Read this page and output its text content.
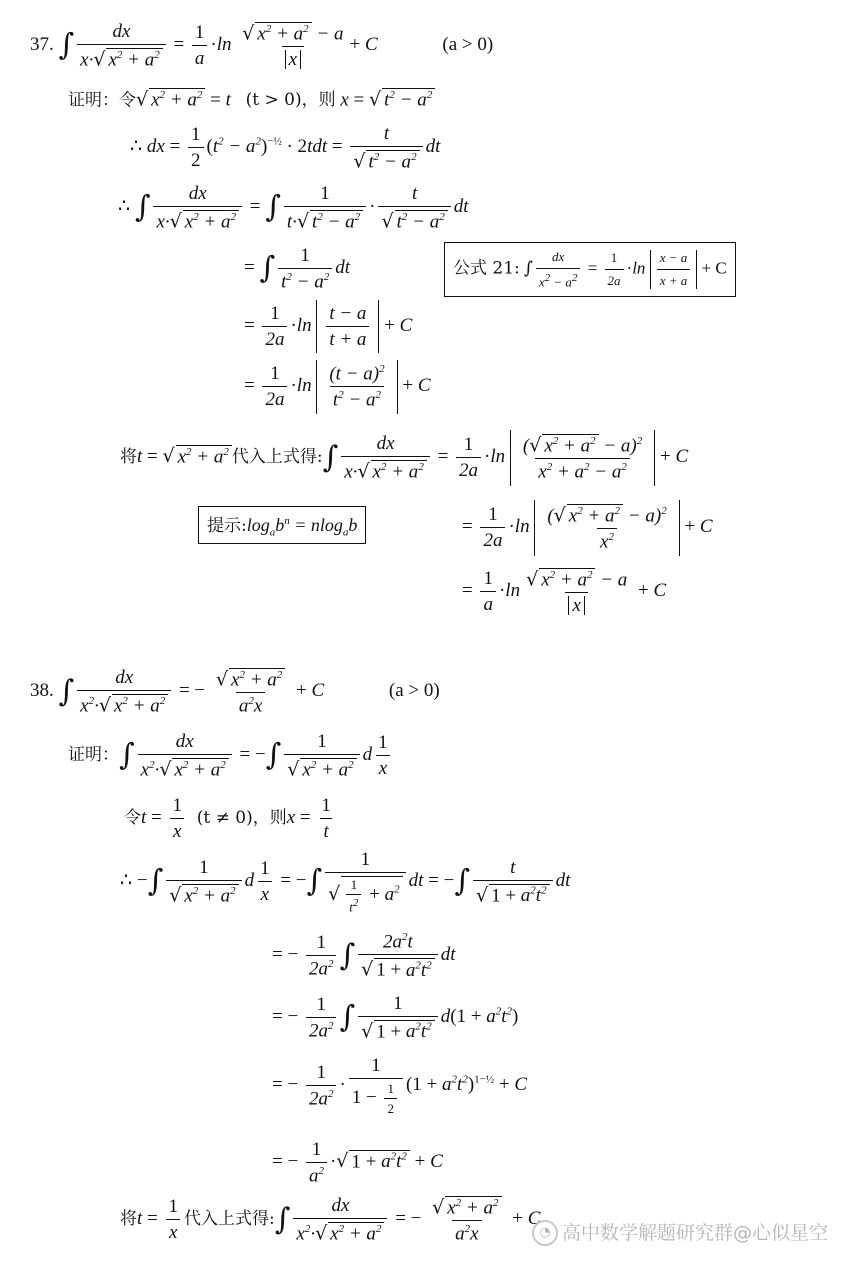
37. ∫ $\frac{dx}{x\cdot√ x^2 + a^2} = \frac{1}{a} \cdot\ln \frac{√ x^2 + a^2 - a}{x} + C$	(a > 0)
证明：令√ $x^2 + a^2 = t$ (t > 0)，则 x = √ $t^2 - a^2$
∴ dx = $\frac{1}{2} (t^2 - a^2)^{-\frac{1}{2}} \cdot 2tdt = \frac{t}{√ t^2 - a^2}$ dt
∴ ∫ $\frac{dx}{x\cdot√ x^2 + a^2}$ = ∫ $\frac{1}{t\cdot√ t^2 - a^2} \cdot \frac{t}{√ t^2 - a^2}$ dt
= ∫ $\frac{1}{t^2 - a^2}$ dt	公式 21: ∫ $\frac{dx}{x^2 - a^2} = \frac{1}{2a} \cdot\ln \frac{x - a}{x + a} + C$
= $\frac{1}{2a} \cdot\ln \frac{t - a}{t + a} + C$
= $\frac{1}{2a} \cdot\ln \frac{(t - a)^2}{t^2 - a^2} + C$
将t = √ $x^2 + a^2$ 代入上式得:∫ $\frac{dx}{x\cdot√ x^2 + a^2} = \frac{1}{2a} \cdot\ln \frac{(√ x^2 + a^2 - a)^2}{x^2 + a^2 - a^2} + C$
提示$:\log_ab^n = nlog_ab$	= $\frac{1}{2a} \cdot\ln \frac{(√ x^2 + a^2 - a)^2}{x^2} + C$
= $\frac{1}{a} \cdot\ln \frac{√ x^2 + a^2 - a}{x} + C$
38. ∫ $\frac{dx}{x^2\cdot√ x^2 + a^2}$ = − $\frac{√ x^2 + a^2}{a^2x} + C$	(a > 0)
证明：∫ $\frac{dx}{x^2\cdot√ x^2 + a^2}$ = −∫ $\frac{1}{√ x^2 + a^2}$ d $\frac{1}{x}$
令$t = \frac{1}{x} (t \ne 0)$，则$x = \frac{1}{t}$
∴ −∫ $\frac{1}{√ x^2 + a^2}$ d $\frac{1}{x}$ = −∫ $\frac{1}{√ \frac{1}{t^2} + a^2}$ dt = −∫ $\frac{t}{√ 1 + a^2t^2}$ dt
= − $\frac{1}{2a^2}$ ∫ $\frac{2a^2t}{√ 1 + a^2t^2}$ dt
= − $\frac{1}{2a^2}$ ∫ $\frac{1}{√ 1 + a^2t^2} d(1 + a^2t^2)$
= − $\frac{1}{2a^2} \cdot \frac{1}{1 - \frac{1}{2}} (1 + a^2t^2)^{1-\frac{1}{2}} + C$
= − $\frac{1}{a^2}$ ·√ $1 + a^2t^2 + C$
将$t = \frac{1}{x}$ 代入上式得:∫ $\frac{dx}{x^2\cdot√ x^2 + a^2}$ = − $\frac{√ x^2 + a^2}{a^2x} + C$
◔ 高中数学解题研究群@心似星空
